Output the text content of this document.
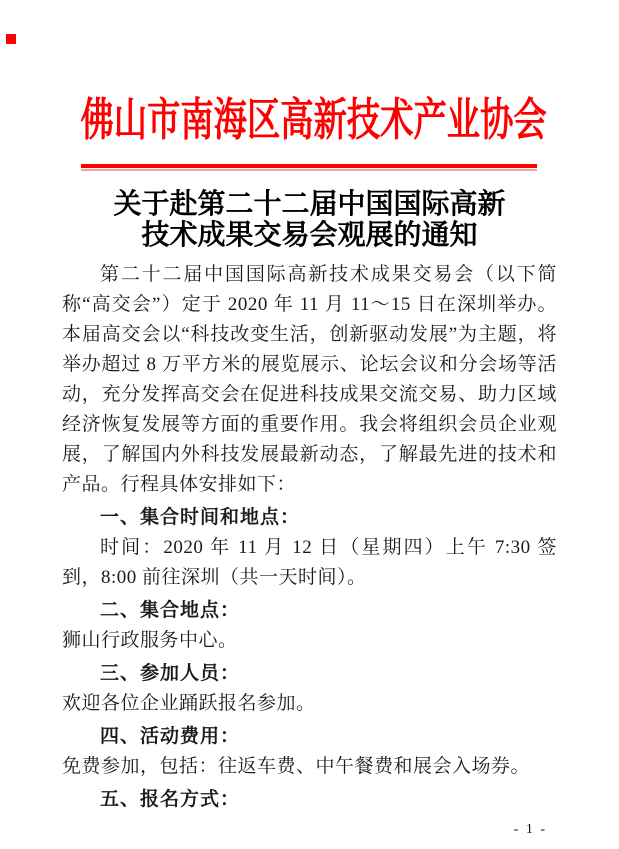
佛山市南海区高新技术产业协会
关于赴第二十二届中国国际高新
技术成果交易会观展的通知

第二十二届中国国际高新技术成果交易会（以下简称“高交会”）定于 2020 年 11 月 11～15 日在深圳举办。本届高交会以“科技改变生活，创新驱动发展”为主题，将举办超过 8 万平方米的展览展示、论坛会议和分会场等活动，充分发挥高交会在促进科技成果交流交易、助力区域经济恢复发展等方面的重要作用。我会将组织会员企业观展，了解国内外科技发展最新动态，了解最先进的技术和产品。行程具体安排如下：

一、集合时间和地点：

时间：2020 年 11 月 12 日（星期四）上午 7:30 签到，8:00 前往深圳（共一天时间）。

二、集合地点：

狮山行政服务中心。

三、参加人员：

欢迎各位企业踊跃报名参加。

四、活动费用：

免费参加，包括：往返车费、中午餐费和展会入场券。

五、报名方式：

- 1 -
